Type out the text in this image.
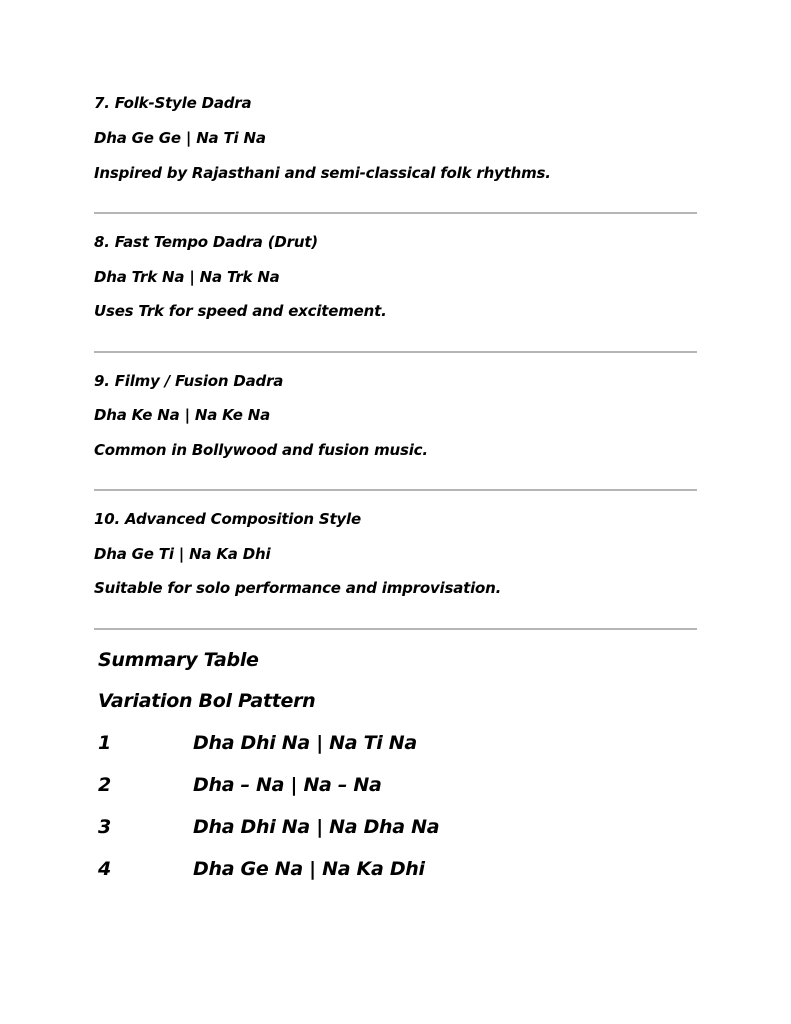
7. Folk-Style Dadra
Dha Ge Ge | Na Ti Na
Inspired by Rajasthani and semi-classical folk rhythms.
8. Fast Tempo Dadra (Drut)
Dha Trk Na | Na Trk Na
Uses Trk for speed and excitement.
9. Filmy / Fusion Dadra
Dha Ke Na | Na Ke Na
Common in Bollywood and fusion music.
10. Advanced Composition Style
Dha Ge Ti | Na Ka Dhi
Suitable for solo performance and improvisation.
Summary Table
Variation Bol Pattern
1	Dha Dhi Na | Na Ti Na
2	Dha – Na | Na – Na
3	Dha Dhi Na | Na Dha Na
4	Dha Ge Na | Na Ka Dhi
